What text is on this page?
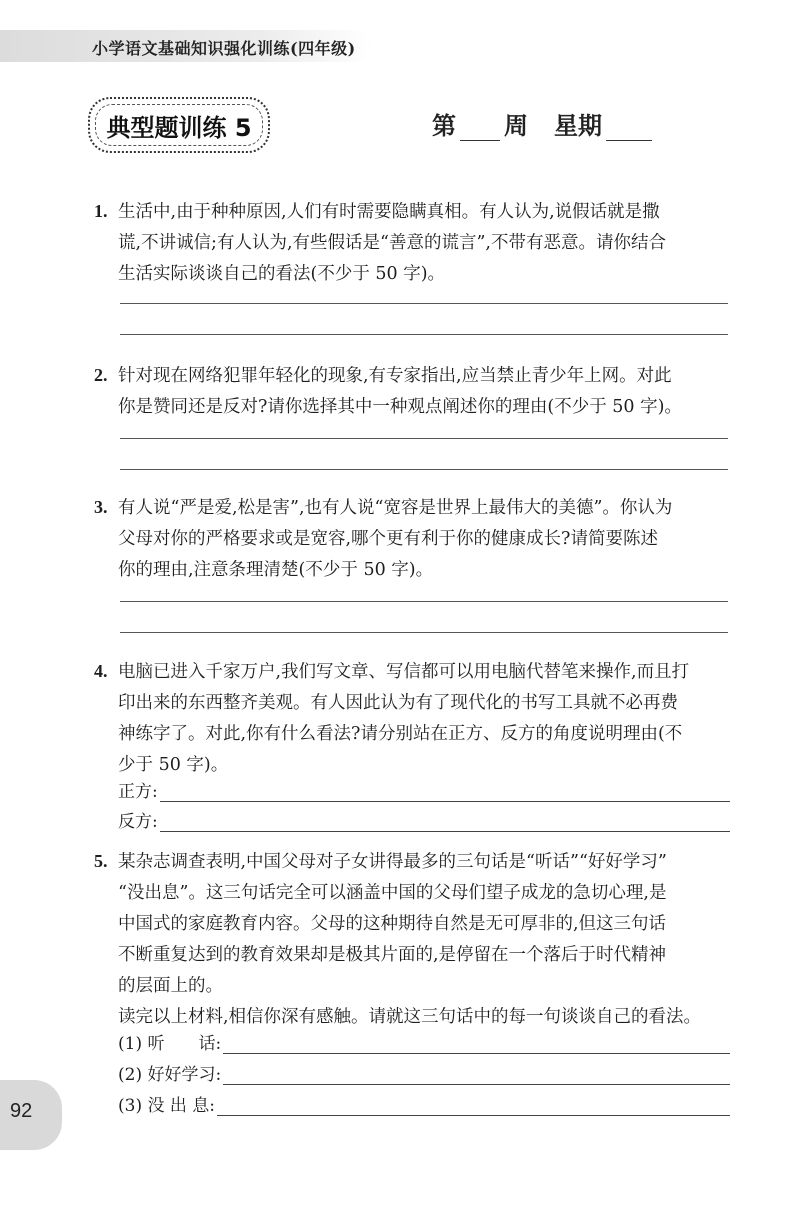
小学语文基础知识强化训练(四年级)
典型题训练 5	第 周 星期
1. 生活中,由于种种原因,人们有时需要隐瞒真相。有人认为,说假话就是撒
谎,不讲诚信;有人认为,有些假话是“善意的谎言”,不带有恶意。请你结合
生活实际谈谈自己的看法(不少于 50 字)。
2. 针对现在网络犯罪年轻化的现象,有专家指出,应当禁止青少年上网。对此
你是赞同还是反对?请你选择其中一种观点阐述你的理由(不少于 50 字)。
3. 有人说“严是爱,松是害”,也有人说“宽容是世界上最伟大的美德”。你认为
父母对你的严格要求或是宽容,哪个更有利于你的健康成长?请简要陈述
你的理由,注意条理清楚(不少于 50 字)。
4. 电脑已进入千家万户,我们写文章、写信都可以用电脑代替笔来操作,而且打
印出来的东西整齐美观。有人因此认为有了现代化的书写工具就不必再费
神练字了。对此,你有什么看法?请分别站在正方、反方的角度说明理由(不
少于 50 字)。
正方:
反方:
5. 某杂志调查表明,中国父母对子女讲得最多的三句话是“听话”“好好学习”
“没出息”。这三句话完全可以涵盖中国的父母们望子成龙的急切心理,是
中国式的家庭教育内容。父母的这种期待自然是无可厚非的,但这三句话
不断重复达到的教育效果却是极其片面的,是停留在一个落后于时代精神
的层面上的。
读完以上材料,相信你深有感触。请就这三句话中的每一句谈谈自己的看法。
(1) 听　　话:
(2) 好好学习:
(3) 没 出 息:
92
